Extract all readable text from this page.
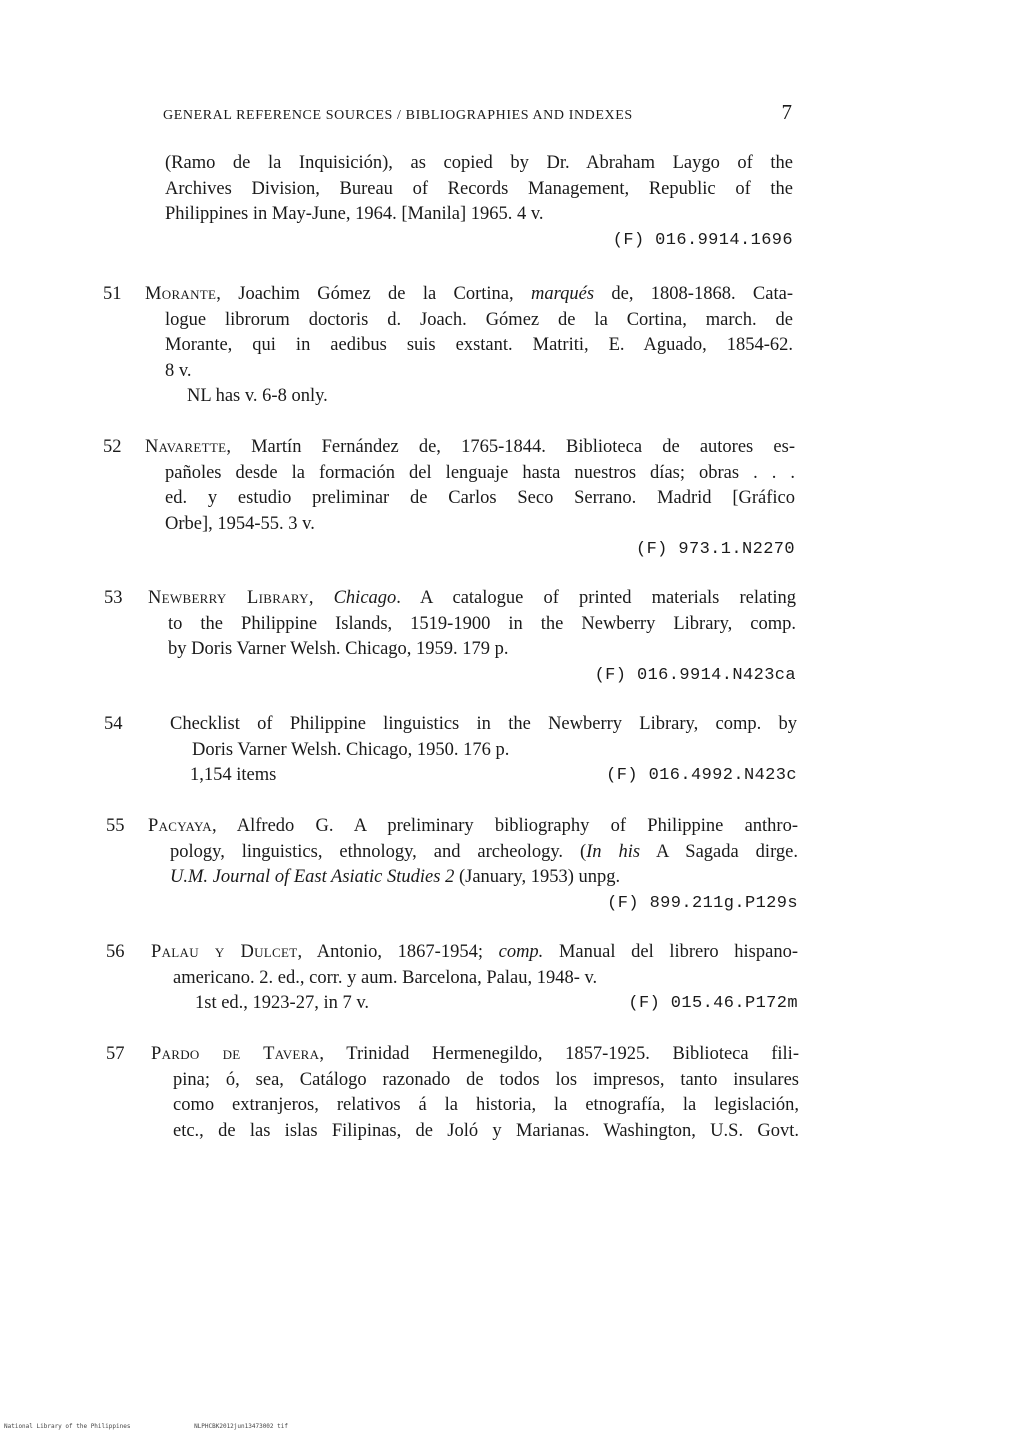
GENERAL REFERENCE SOURCES / BIBLIOGRAPHIES AND INDEXES	7
(Ramo de la Inquisición), as copied by Dr. Abraham Laygo of the
Archives Division, Bureau of Records Management, Republic of the
Philippines in May-June, 1964. [Manila] 1965. 4 v.
(F) 016.9914.1696
51 Morante, Joachim Gómez de la Cortina, marqués de, 1808-1868. Cata-
logue librorum doctoris d. Joach. Gómez de la Cortina, march. de
Morante, qui in aedibus suis exstant. Matriti, E. Aguado, 1854-62.
8 v.
NL has v. 6-8 only.
52 Navarette, Martín Fernández de, 1765-1844. Biblioteca de autores es-
pañoles desde la formación del lenguaje hasta nuestros días; obras . . .
ed. y estudio preliminar de Carlos Seco Serrano. Madrid [Gráfico
Orbe], 1954-55. 3 v.
(F) 973.1.N2270
53 Newberry Library, Chicago. A catalogue of printed materials relating
to the Philippine Islands, 1519-1900 in the Newberry Library, comp.
by Doris Varner Welsh. Chicago, 1959. 179 p.
(F) 016.9914.N423ca
54	Checklist of Philippine linguistics in the Newberry Library, comp. by
Doris Varner Welsh. Chicago, 1950. 176 p.
1,154 items	(F) 016.4992.N423c
55 Pacyaya, Alfredo G. A preliminary bibliography of Philippine anthro-
pology, linguistics, ethnology, and archeology. (In his A Sagada dirge.
U.M. Journal of East Asiatic Studies 2 (January, 1953) unpg.
(F) 899.211g.P129s
56 Palau y Dulcet, Antonio, 1867-1954; comp. Manual del librero hispano-
americano. 2. ed., corr. y aum. Barcelona, Palau, 1948- v.
1st ed., 1923-27, in 7 v.	(F) 015.46.P172m
57 Pardo de Tavera, Trinidad Hermenegildo, 1857-1925. Biblioteca fili-
pina; ó, sea, Catálogo razonado de todos los impresos, tanto insulares
como extranjeros, relativos á la historia, la etnografía, la legislación,
etc., de las islas Filipinas, de Joló y Marianas. Washington, U.S. Govt.
National Library of the Philippines	NLPHCBK2012jun13473002 tif
